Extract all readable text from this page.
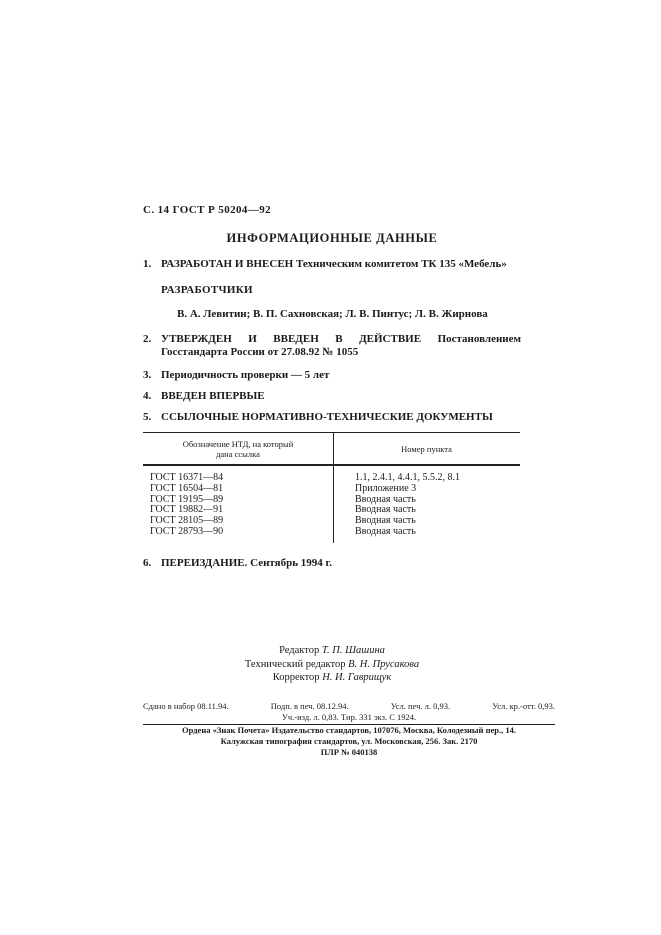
С. 14 ГОСТ Р 50204—92
ИНФОРМАЦИОННЫЕ ДАННЫЕ
1. РАЗРАБОТАН И ВНЕСЕН Техническим комитетом ТК 135 «Мебель»
РАЗРАБОТЧИКИ
В. А. Левитин; В. П. Сахновская; Л. В. Пинтус; Л. В. Жирнова
2. УТВЕРЖДЕН И ВВЕДЕН В ДЕЙСТВИЕ Постановлением Госстандарта России от 27.08.92 № 1055
3. Периодичность проверки — 5 лет
4. ВВЕДЕН ВПЕРВЫЕ
5. ССЫЛОЧНЫЕ НОРМАТИВНО-ТЕХНИЧЕСКИЕ ДОКУМЕНТЫ
Обозначение НТД, на который дана ссылка	Номер пункта
ГОСТ 16371—84	1.1, 2.4.1, 4.4.1, 5.5.2, 8.1
ГОСТ 16504—81	Приложение 3
ГОСТ 19195—89	Вводная часть
ГОСТ 19882—91	Вводная часть
ГОСТ 28105—89	Вводная часть
ГОСТ 28793—90	Вводная часть
6. ПЕРЕИЗДАНИЕ. Сентябрь 1994 г.
Редактор Т. П. Шашина
Технический редактор В. Н. Прусакова
Корректор Н. И. Гаврищук
Сдано в набор 08.11.94.	Подп. в печ. 08.12.94.	Усл. печ. л. 0,93.	Усл. кр.-отт. 0,93.
Уч.-изд. л. 0,83. Тир. 331 экз. С 1924.
Ордена «Знак Почета» Издательство стандартов, 107076, Москва, Колодезный пер., 14.
Калужская типография стандартов, ул. Московская, 256. Зак. 2170
ПЛР № 040138
